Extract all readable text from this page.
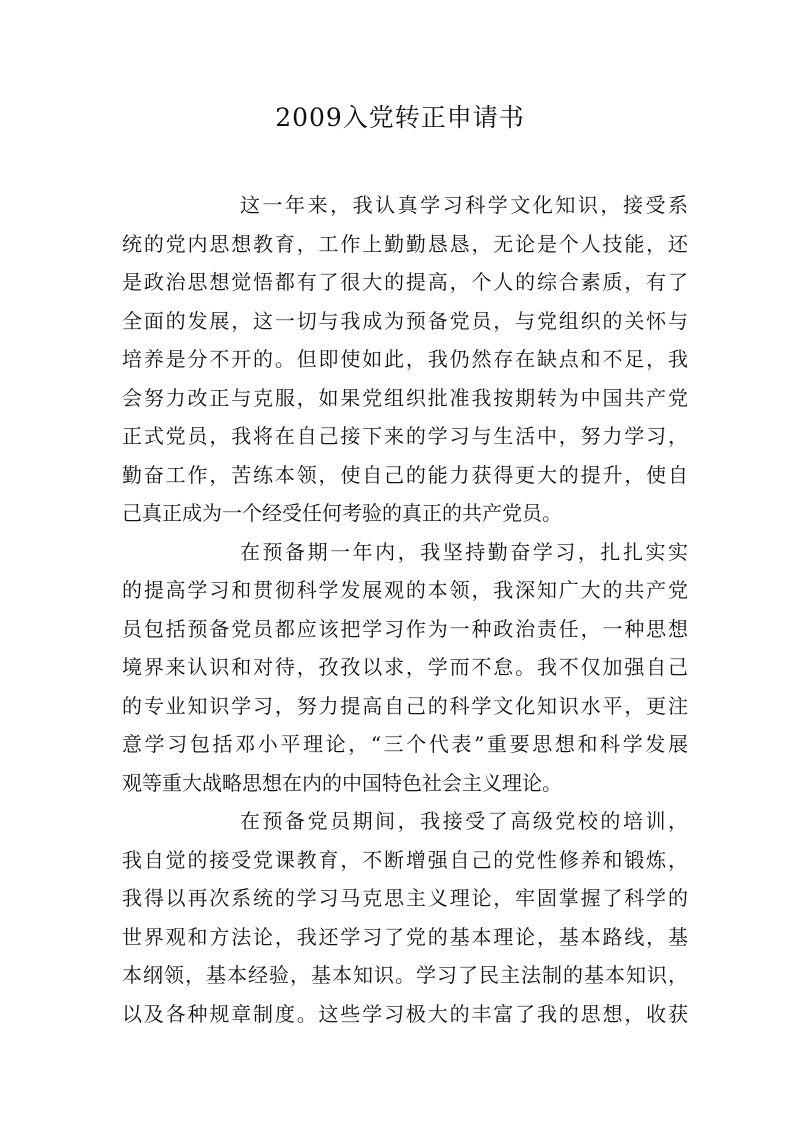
2009入党转正申请书
这一年来，我认真学习科学文化知识，接受系
统的党内思想教育，工作上勤勤恳恳，无论是个人技能，还
是政治思想觉悟都有了很大的提高，个人的综合素质，有了
全面的发展，这一切与我成为预备党员，与党组织的关怀与
培养是分不开的。但即使如此，我仍然存在缺点和不足，我
会努力改正与克服，如果党组织批准我按期转为中国共产党
正式党员，我将在自己接下来的学习与生活中，努力学习，
勤奋工作，苦练本领，使自己的能力获得更大的提升，使自
己真正成为一个经受任何考验的真正的共产党员。
在预备期一年内，我坚持勤奋学习，扎扎实实
的提高学习和贯彻科学发展观的本领，我深知广大的共产党
员包括预备党员都应该把学习作为一种政治责任，一种思想
境界来认识和对待，孜孜以求，学而不怠。我不仅加强自己
的专业知识学习，努力提高自己的科学文化知识水平，更注
意学习包括邓小平理论，“三个代表”重要思想和科学发展
观等重大战略思想在内的中国特色社会主义理论。
在预备党员期间，我接受了高级党校的培训，
我自觉的接受党课教育，不断增强自己的党性修养和锻炼，
我得以再次系统的学习马克思主义理论，牢固掌握了科学的
世界观和方法论，我还学习了党的基本理论，基本路线，基
本纲领，基本经验，基本知识。学习了民主法制的基本知识，
以及各种规章制度。这些学习极大的丰富了我的思想，收获
